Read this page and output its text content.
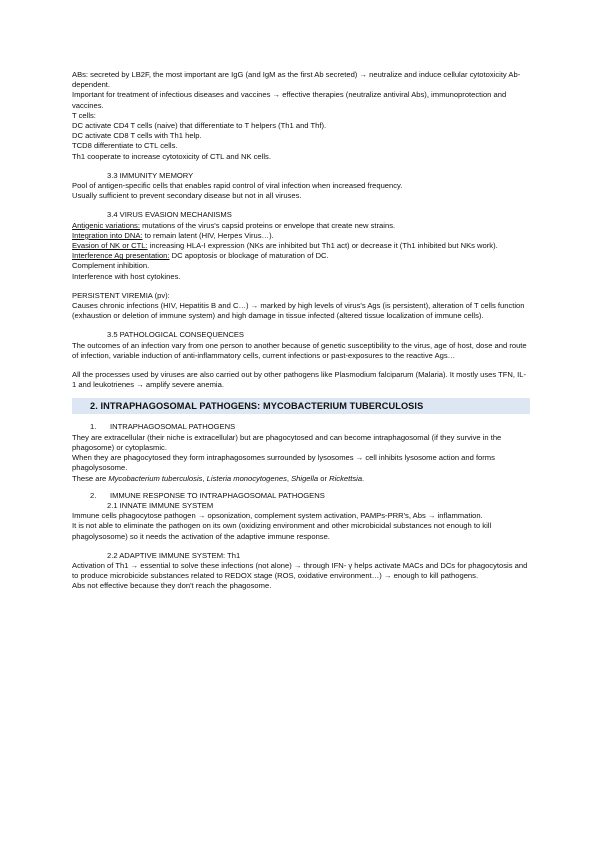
ABs: secreted by LB2F, the most important are IgG (and IgM as the first Ab secreted) → neutralize and induce cellular cytotoxicity Ab-dependent.

Important for treatment of infectious diseases and vaccines → effective therapies (neutralize antiviral Abs), immunoprotection and vaccines.

T cells:

DC activate CD4 T cells (naive) that differentiate to T helpers (Th1 and Thf).

DC activate CD8 T cells with Th1 help.

TCD8 differentiate to CTL cells.

Th1 cooperate to increase cytotoxicity of CTL and NK cells.

3.3 IMMUNITY MEMORY

Pool of antigen-specific cells that enables rapid control of viral infection when increased frequency.

Usually sufficient to prevent secondary disease but not in all viruses.

3.4 VIRUS EVASION MECHANISMS

Antigenic variations: mutations of the virus's capsid proteins or envelope that create new strains.

Integration into DNA: to remain latent (HIV, Herpes Virus…).

Evasion of NK or CTL: increasing HLA-I expression (NKs are inhibited but Th1 act) or decrease it (Th1 inhibited but NKs work).

Interference Ag presentation: DC apoptosis or blockage of maturation of DC.

Complement inhibition.

Interference with host cytokines.

PERSISTENT VIREMIA (pv):

Causes chronic infections (HIV, Hepatitis B and C…) → marked by high levels of virus's Ags (is persistent), alteration of T cells function (exhaustion or deletion of immune system) and high damage in tissue infected (altered tissue localization of immune cells).

3.5 PATHOLOGICAL CONSEQUENCES

The outcomes of an infection vary from one person to another because of genetic susceptibility to the virus, age of host, dose and route of infection, variable induction of anti-inflammatory cells, current infections or past-exposures to the reactive Ags…

All the processes used by viruses are also carried out by other pathogens like Plasmodium falciparum (Malaria). It mostly uses TFN, IL-1 and leukotrienes → amplify severe anemia.

2. INTRAPHAGOSOMAL PATHOGENS: MYCOBACTERIUM TUBERCULOSIS

1. INTRAPHAGOSOMAL PATHOGENS

They are extracellular (their niche is extracellular) but are phagocytosed and can become intraphagosomal (if they survive in the phagosome) or cytoplasmic.

When they are phagocytosed they form intraphagosomes surrounded by lysosomes → cell inhibits lysosome action and forms phagolysosome.

These are Mycobacterium tuberculosis, Listeria monocytogenes, Shigella or Rickettsia.

2. IMMUNE RESPONSE TO INTRAPHAGOSOMAL PATHOGENS

2.1 INNATE IMMUNE SYSTEM

Immune cells phagocytose pathogen → opsonization, complement system activation, PAMPs-PRR's, Abs → inflammation.

It is not able to eliminate the pathogen on its own (oxidizing environment and other microbicidal substances not enough to kill phagolysosome) so it needs the activation of the adaptive immune response.

2.2 ADAPTIVE IMMUNE SYSTEM: Th1

Activation of Th1 → essential to solve these infections (not alone) → through IFN- γ helps activate MACs and DCs for phagocytosis and to produce microbicide substances related to REDOX stage (ROS, oxidative environment…) → enough to kill pathogens.

Abs not effective because they don't reach the phagosome.
